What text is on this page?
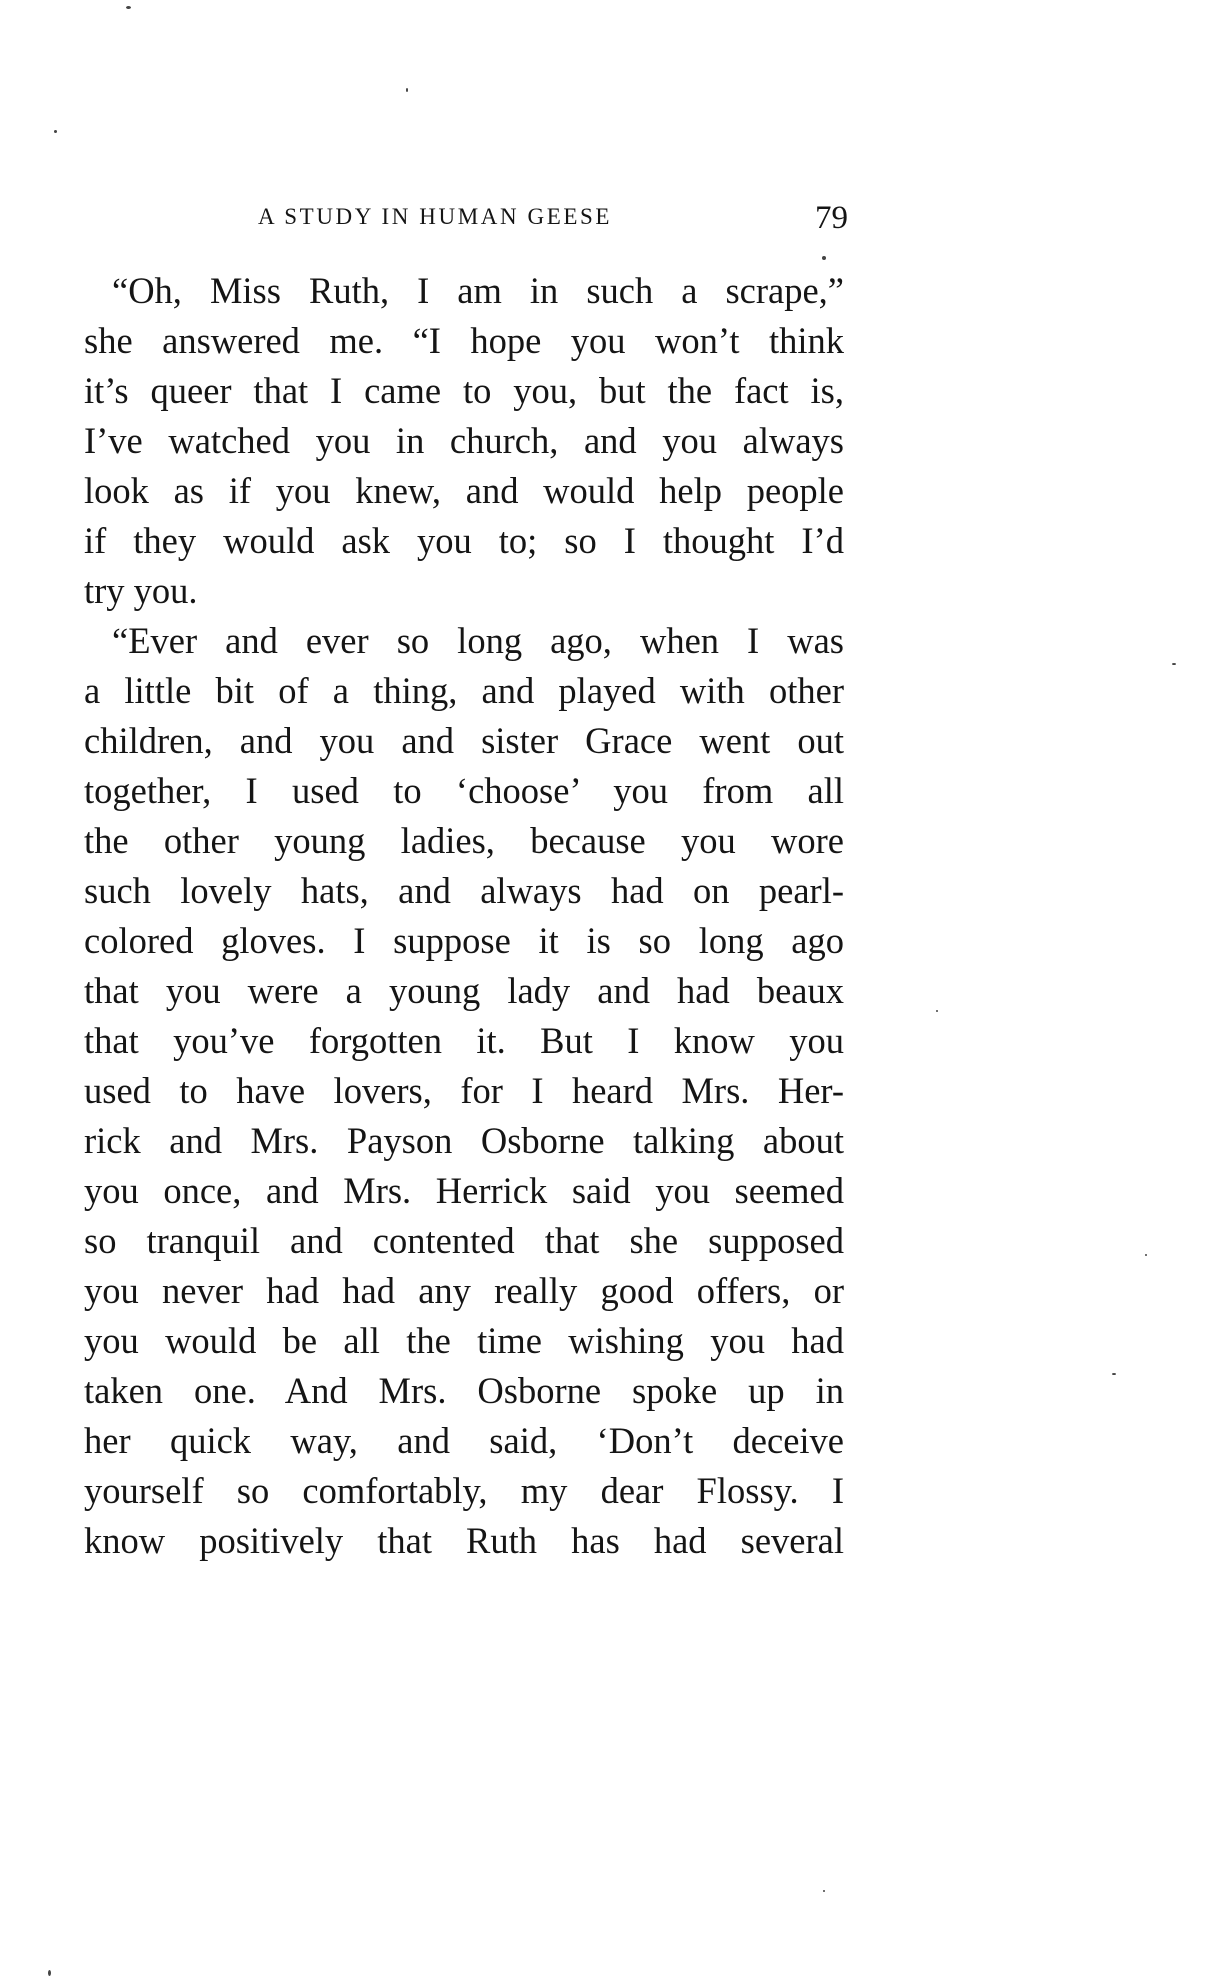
A STUDY IN HUMAN GEESE	79
“Oh, Miss Ruth, I am in such a scrape,”
she answered me. “I hope you won’t think
it’s queer that I came to you, but the fact is,
I’ve watched you in church, and you always
look as if you knew, and would help people
if they would ask you to; so I thought I’d
try you.
“Ever and ever so long ago, when I was
a little bit of a thing, and played with other
children, and you and sister Grace went out
together, I used to ‘choose’ you from all
the other young ladies, because you wore
such lovely hats, and always had on pearl-
colored gloves. I suppose it is so long ago
that you were a young lady and had beaux
that you’ve forgotten it. But I know you
used to have lovers, for I heard Mrs. Her-
rick and Mrs. Payson Osborne talking about
you once, and Mrs. Herrick said you seemed
so tranquil and contented that she supposed
you never had had any really good offers, or
you would be all the time wishing you had
taken one. And Mrs. Osborne spoke up in
her quick way, and said, ‘Don’t deceive
yourself so comfortably, my dear Flossy. I
know positively that Ruth has had several
